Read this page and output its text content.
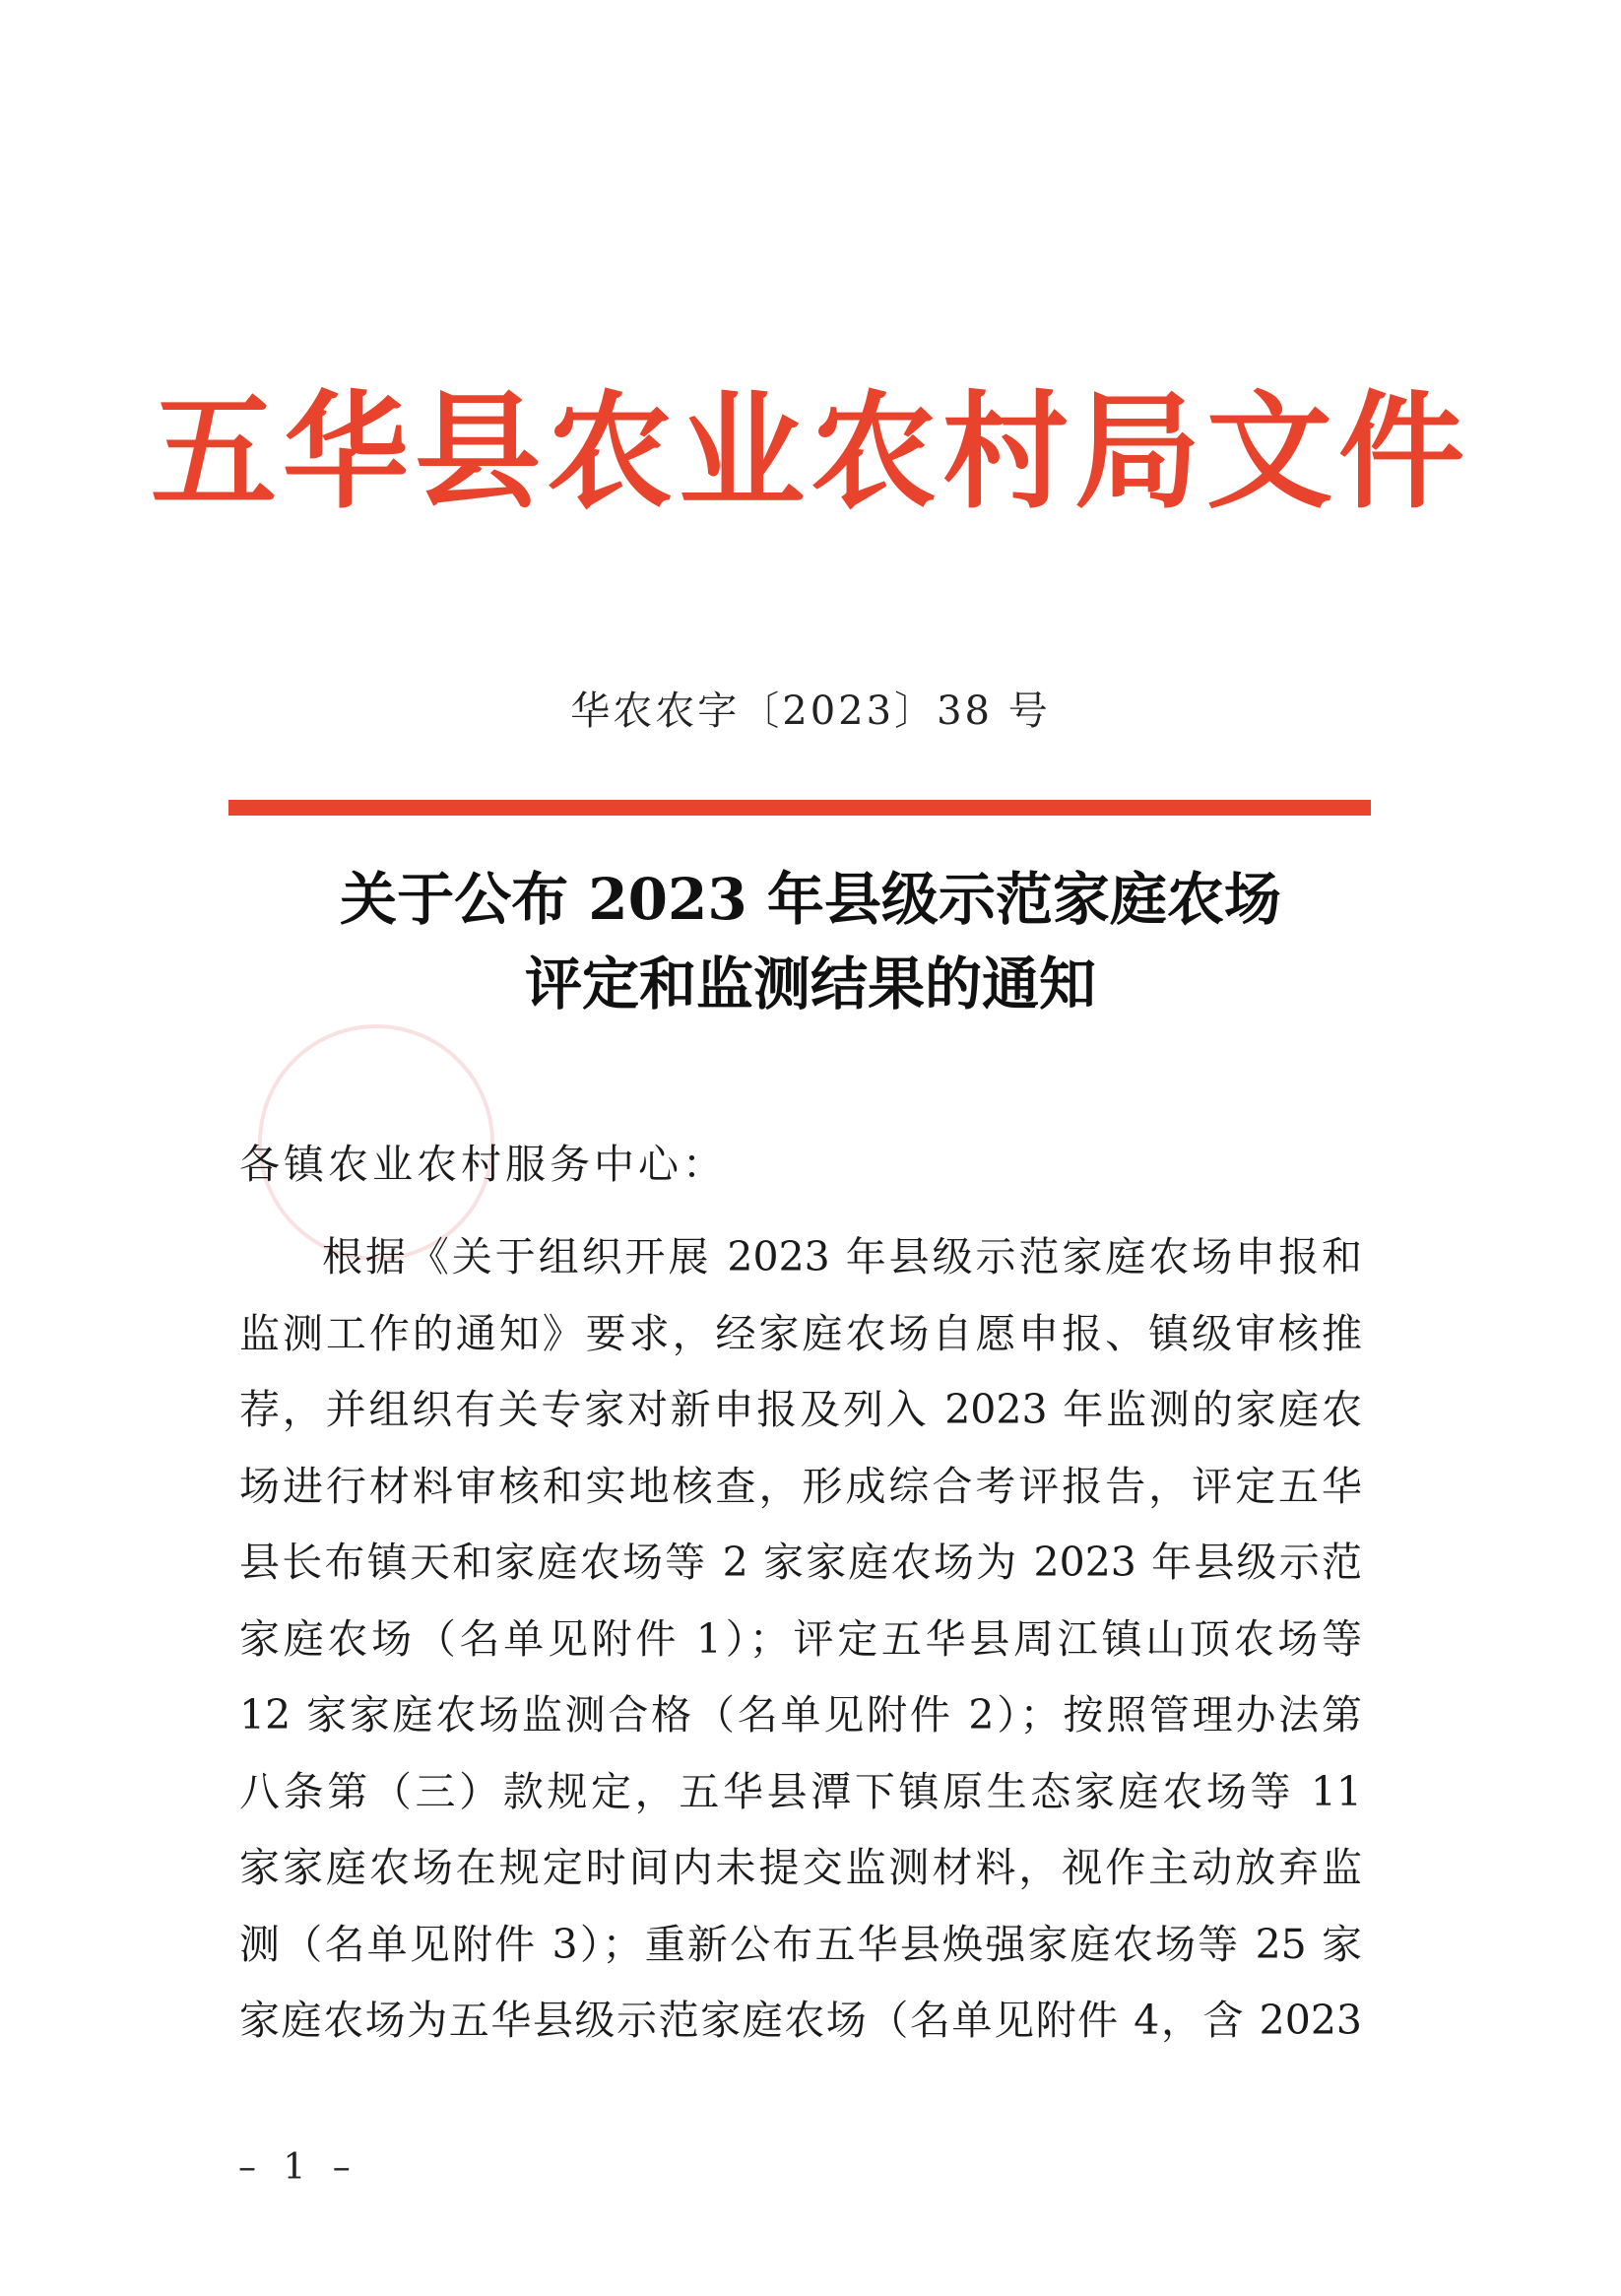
五华县农业农村局文件
华农农字〔2023〕38 号
关于公布 2023 年县级示范家庭农场
评定和监测结果的通知
各镇农业农村服务中心：
根据《关于组织开展 2023 年县级示范家庭农场申报和
监测工作的通知》要求，经家庭农场自愿申报、镇级审核推
荐，并组织有关专家对新申报及列入 2023 年监测的家庭农
场进行材料审核和实地核查，形成综合考评报告，评定五华
县长布镇天和家庭农场等 2 家家庭农场为 2023 年县级示范
家庭农场（名单见附件 1）；评定五华县周江镇山顶农场等
12 家家庭农场监测合格（名单见附件 2）；按照管理办法第
八条第（三）款规定，五华县潭下镇原生态家庭农场等 11
家家庭农场在规定时间内未提交监测材料，视作主动放弃监
测（名单见附件 3）；重新公布五华县焕强家庭农场等 25 家
家庭农场为五华县级示范家庭农场（名单见附件 4，含 2023
– 1 –
